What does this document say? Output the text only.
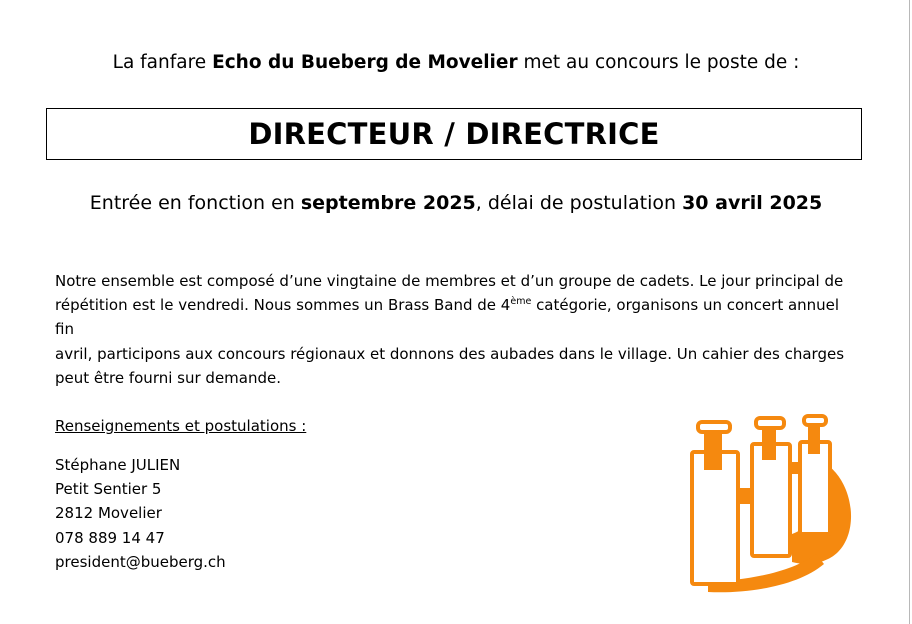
La fanfare Echo du Bueberg de Movelier met au concours le poste de :
DIRECTEUR / DIRECTRICE
Entrée en fonction en septembre 2025, délai de postulation 30 avril 2025
Notre ensemble est composé d’une vingtaine de membres et d’un groupe de cadets. Le jour principal de
répétition est le vendredi. Nous sommes un Brass Band de 4ème catégorie, organisons un concert annuel fin
avril, participons aux concours régionaux et donnons des aubades dans le village. Un cahier des charges
peut être fourni sur demande.
Renseignements et postulations :
Stéphane JULIEN
Petit Sentier 5
2812 Movelier
078 889 14 47
president@bueberg.ch
